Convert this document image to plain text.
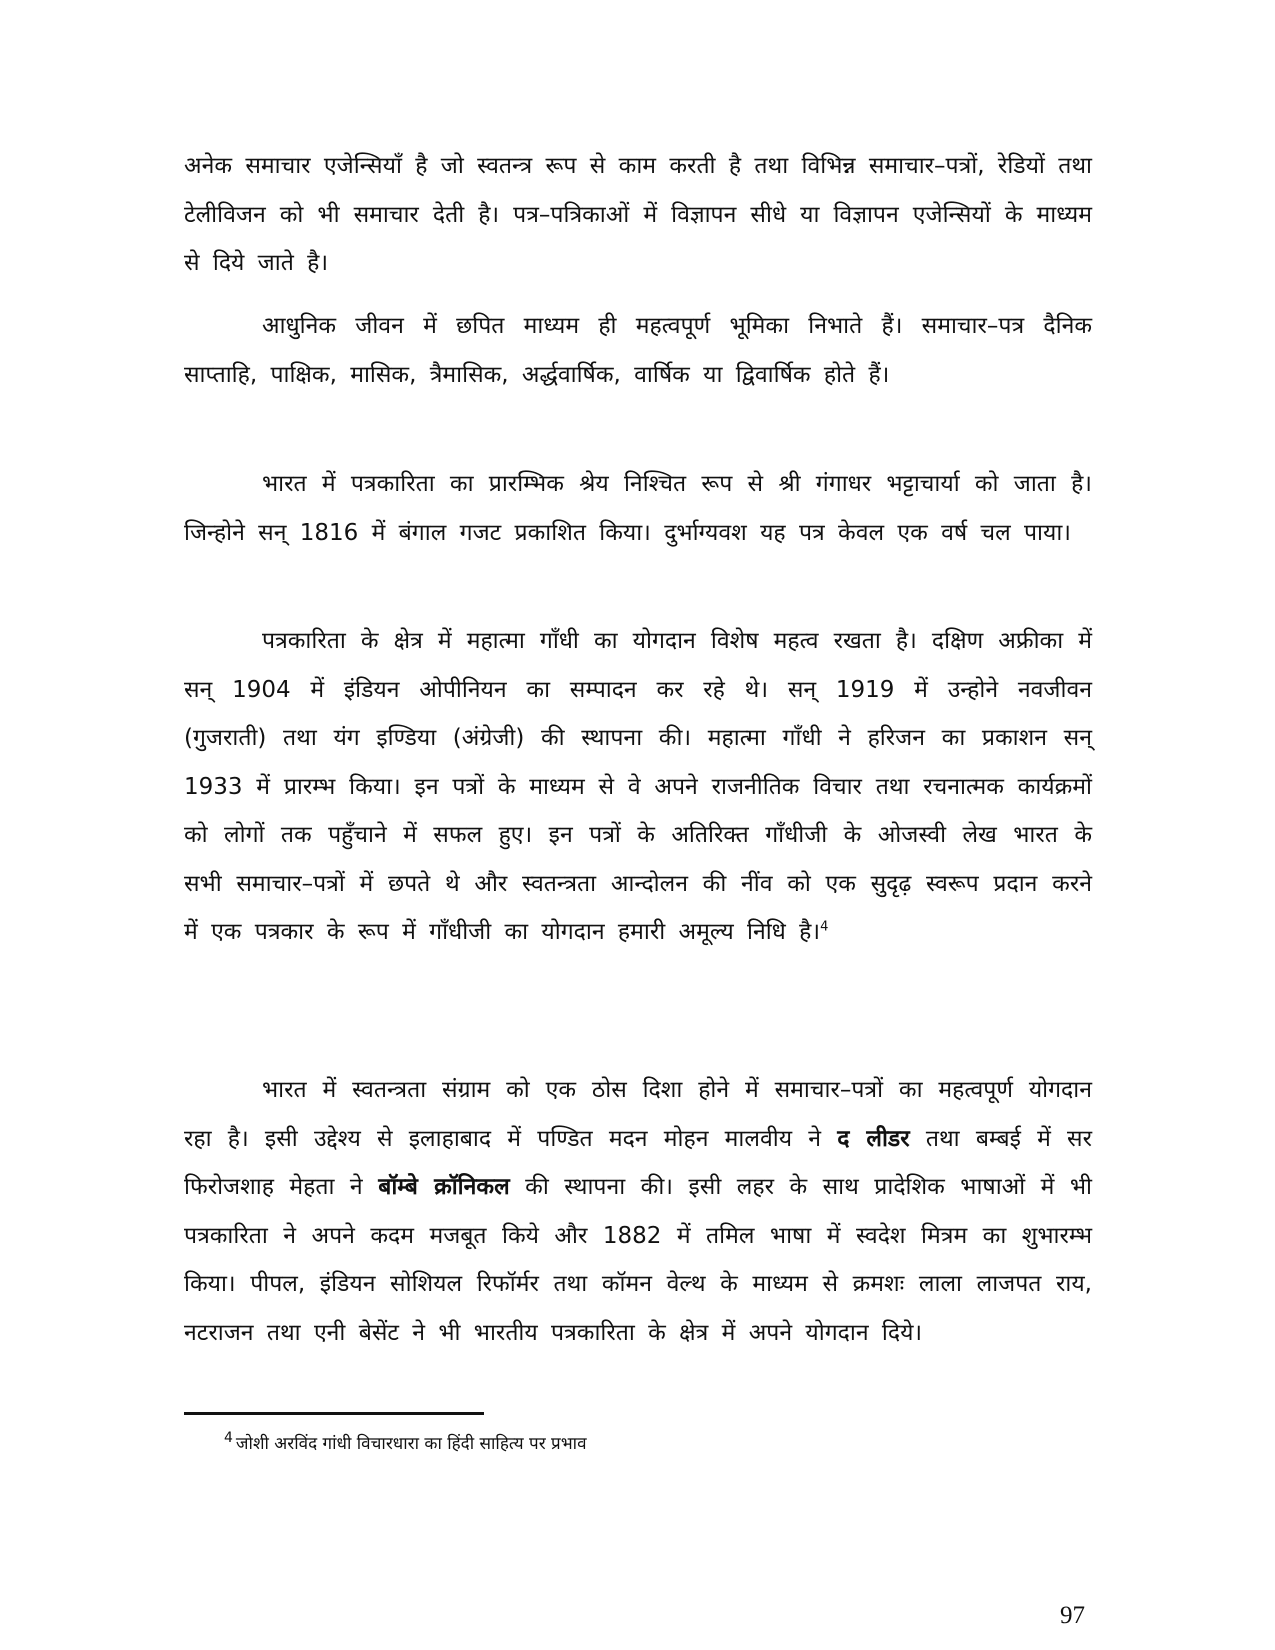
अनेक समाचार एजेन्सियाँ है जो स्वतन्त्र रूप से काम करती है तथा विभिन्न समाचार–पत्रों, रेडियों तथा टेलीविजन को भी समाचार देती है। पत्र–पत्रिकाओं में विज्ञापन सीधे या विज्ञापन एजेन्सियों के माध्यम से दिये जाते है।

आधुनिक जीवन में छपित माध्यम ही महत्वपूर्ण भूमिका निभाते हैं। समाचार–पत्र दैनिक साप्ताहि, पाक्षिक, मासिक, त्रैमासिक, अर्द्धवार्षिक, वार्षिक या द्विवार्षिक होते हैं।

भारत में पत्रकारिता का प्रारम्भिक श्रेय निश्चित रूप से श्री गंगाधर भट्टाचार्या को जाता है। जिन्होने सन् 1816 में बंगाल गजट प्रकाशित किया। दुर्भाग्यवश यह पत्र केवल एक वर्ष चल पाया।

पत्रकारिता के क्षेत्र में महात्मा गाँधी का योगदान विशेष महत्व रखता है। दक्षिण अफ्रीका में सन् 1904 में इंडियन ओपीनियन का सम्पादन कर रहे थे। सन् 1919 में उन्होने नवजीवन (गुजराती) तथा यंग इण्डिया (अंग्रेजी) की स्थापना की। महात्मा गाँधी ने हरिजन का प्रकाशन सन् 1933 में प्रारम्भ किया। इन पत्रों के माध्यम से वे अपने राजनीतिक विचार तथा रचनात्मक कार्यक्रमों को लोगों तक पहुँचाने में सफल हुए। इन पत्रों के अतिरिक्त गाँधीजी के ओजस्वी लेख भारत के सभी समाचार–पत्रों में छपते थे और स्वतन्त्रता आन्दोलन की नींव को एक सुदृढ़ स्वरूप प्रदान करने में एक पत्रकार के रूप में गाँधीजी का योगदान हमारी अमूल्य निधि है।$^4$

भारत में स्वतन्त्रता संग्राम को एक ठोस दिशा होने में समाचार–पत्रों का महत्वपूर्ण योगदान रहा है। इसी उद्देश्य से इलाहाबाद में पण्डित मदन मोहन मालवीय ने द लीडर तथा बम्बई में सर फिरोजशाह मेहता ने बॉम्बे क्रॉनिकल की स्थापना की। इसी लहर के साथ प्रादेशिक भाषाओं में भी पत्रकारिता ने अपने कदम मजबूत किये और 1882 में तमिल भाषा में स्वदेश मित्रम का शुभारम्भ किया। पीपल, इंडियन सोशियल रिफॉर्मर तथा कॉमन वेल्थ के माध्यम से क्रमशः लाला लाजपत राय, नटराजन तथा एनी बेसेंट ने भी भारतीय पत्रकारिता के क्षेत्र में अपने योगदान दिये।

$^4$ जोशी अरविंद गांधी विचारधारा का हिंदी साहित्य पर प्रभाव
97
